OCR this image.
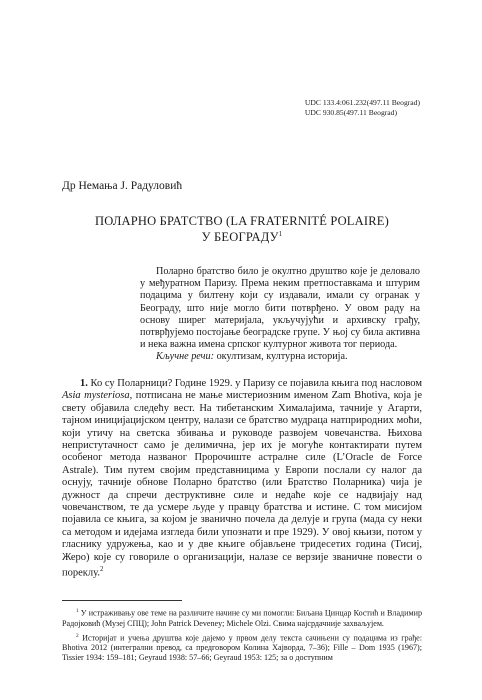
UDC 133.4:061.232(497.11 Beograd)
UDC 930.85(497.11 Beograd)
Др Немања Ј. Радуловић
ПОЛАРНО БРАТСТВО (LA FRATERNITÉ POLAIRE)
У БЕОГРАДУ$^1$

Поларно братство било је окултно друштво које је деловало у међуратном Паризу. Према неким претпоставкама и штурим подацима у билтену који су издавали, имали су огранак у Београду, што није могло бити потврђено. У овом раду на основу ширег материјала, укључујући и архивску грађу, потврђујемо постојање београдске групе. У њој су била активна и нека важна имена српског културног живота тог периода.

Кључне речи: окултизам, културна историја.

1. Ко су Поларници? Године 1929. у Паризу се појавила књига под насловом Asia mysteriosa, потписана не мање мистериозним именом Zam Bhotiva, која је свету објавила следећу вест. На тибетанским Хималајима, тачније у Агарти, тајном иницијацијском центру, налази се братство мудраца натприродних моћи, који утичу на светска збивања и руководе развојем човечанства. Њихова непристутачност само је делимична, јер их је могуће контактирати путем особеног метода названог Пророчиште астралне силе (L’Oracle de Force Astrale). Тим путем својим представницима у Европи послали су налог да оснују, тачније обнове Поларно братство (или Братство Поларника) чија је дужност да спречи деструктивне силе и недаће које се надвијају над човечанством, те да усмере људе у правцу братства и истине. С том мисијом појавила се књига, за којом је званично почела да делује и група (мада су неки са методом и идејама изгледа били упознати и пре 1929). У овој књизи, потом у гласнику удружења, као и у две књиге објављене тридесетих година (Тисиј, Жеро) које су говориле о организацији, налазе се верзије званичне повести о пореклу.$^2$

$^1$ У истраживању ове теме на различите начине су ми помогли: Биљана Цинцар Костић и Владимир Радојковић (Музеј СПЦ); John Patrick Deveney; Michele Olzi. Свима најсрдачније захваљујем.

$^2$ Историјат и учења друштва које дајемо у првом делу текста сачињени су подацима из грађе: Bhotiva 2012 (интегрални превод, са предговором Колина Хајворда, 7–36); Fille – Dom 1935 (1967); Tissier 1934: 159–181; Geyraud 1938: 57–66; Geyraud 1953: 125; за о доступним
